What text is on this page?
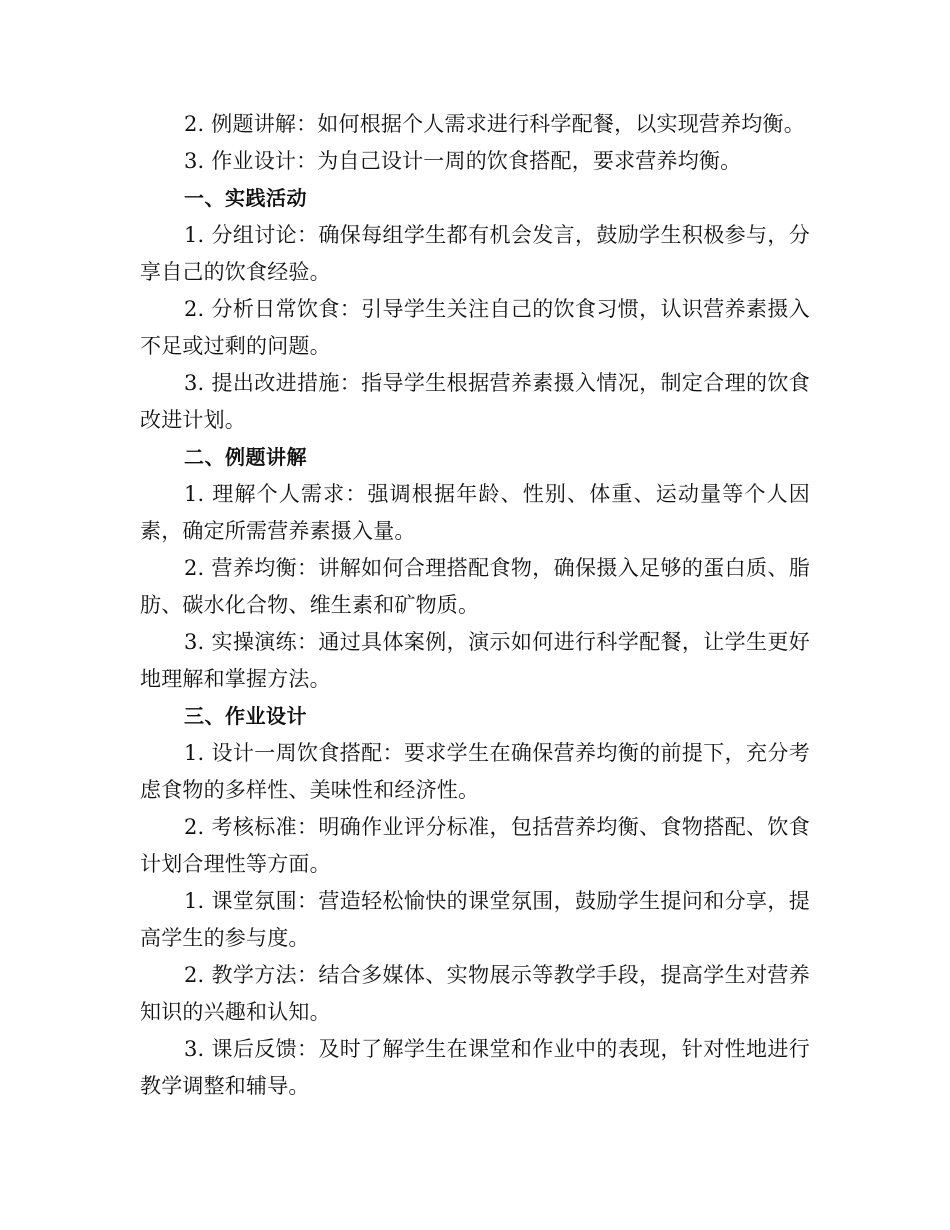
2. 例题讲解：如何根据个人需求进行科学配餐，以实现营养均衡。

3. 作业设计：为自己设计一周的饮食搭配，要求营养均衡。

一、实践活动

1. 分组讨论：确保每组学生都有机会发言，鼓励学生积极参与，分享自己的饮食经验。

2. 分析日常饮食：引导学生关注自己的饮食习惯，认识营养素摄入不足或过剩的问题。

3. 提出改进措施：指导学生根据营养素摄入情况，制定合理的饮食改进计划。

二、例题讲解

1. 理解个人需求：强调根据年龄、性别、体重、运动量等个人因素，确定所需营养素摄入量。

2. 营养均衡：讲解如何合理搭配食物，确保摄入足够的蛋白质、脂肪、碳水化合物、维生素和矿物质。

3. 实操演练：通过具体案例，演示如何进行科学配餐，让学生更好地理解和掌握方法。

三、作业设计

1. 设计一周饮食搭配：要求学生在确保营养均衡的前提下，充分考虑食物的多样性、美味性和经济性。

2. 考核标准：明确作业评分标准，包括营养均衡、食物搭配、饮食计划合理性等方面。

1. 课堂氛围：营造轻松愉快的课堂氛围，鼓励学生提问和分享，提高学生的参与度。

2. 教学方法：结合多媒体、实物展示等教学手段，提高学生对营养知识的兴趣和认知。

3. 课后反馈：及时了解学生在课堂和作业中的表现，针对性地进行教学调整和辅导。
